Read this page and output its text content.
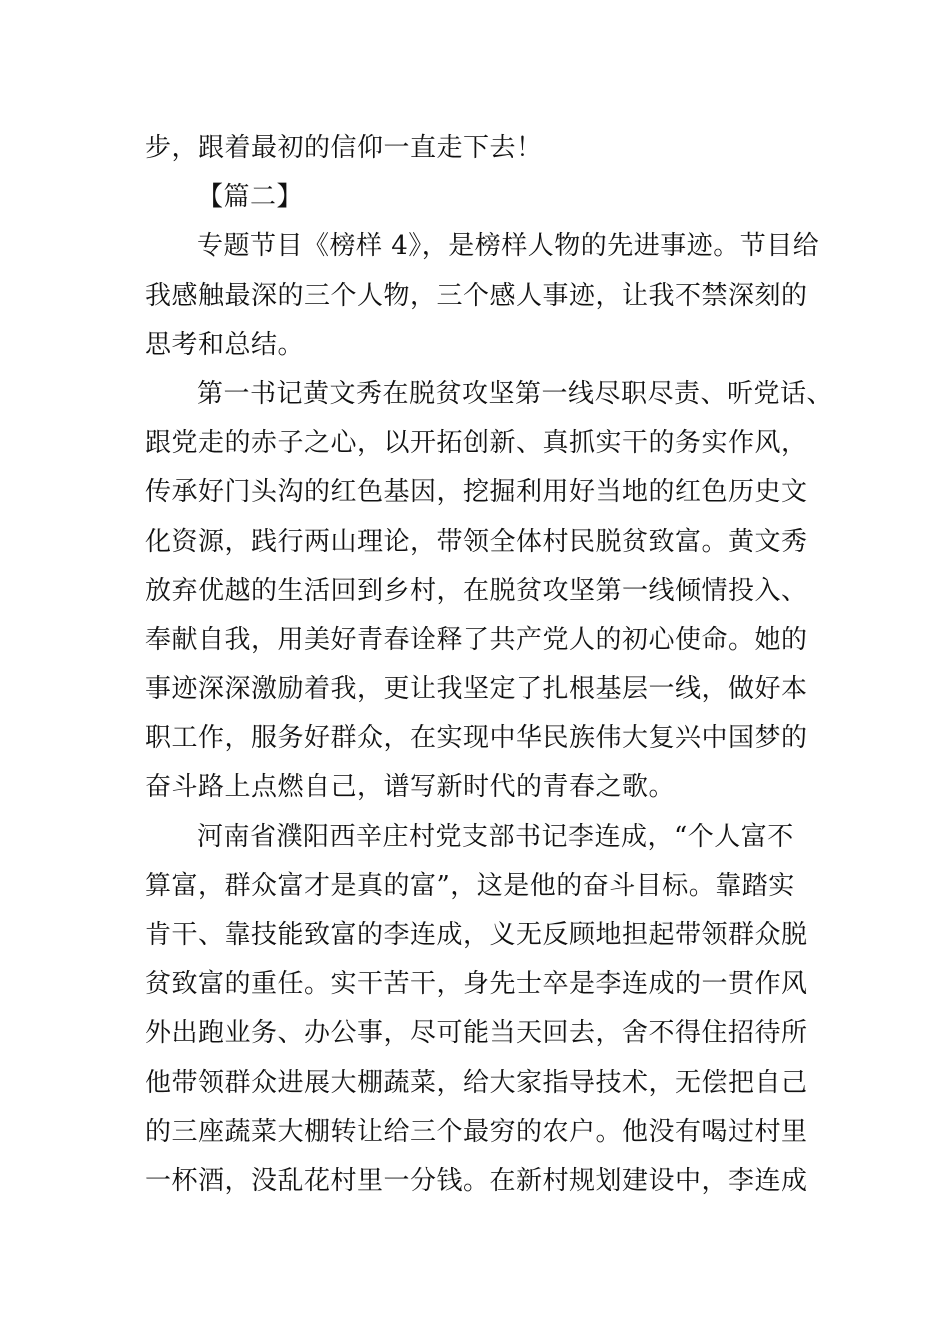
步，跟着最初的信仰一直走下去！
【篇二】
专题节目《榜样 4》，是榜样人物的先进事迹。节目给
我感触最深的三个人物，三个感人事迹，让我不禁深刻的
思考和总结。
第一书记黄文秀在脱贫攻坚第一线尽职尽责、听党话、
跟党走的赤子之心，以开拓创新、真抓实干的务实作风，
传承好门头沟的红色基因，挖掘利用好当地的红色历史文
化资源，践行两山理论，带领全体村民脱贫致富。黄文秀
放弃优越的生活回到乡村，在脱贫攻坚第一线倾情投入、
奉献自我，用美好青春诠释了共产党人的初心使命。她的
事迹深深激励着我，更让我坚定了扎根基层一线，做好本
职工作，服务好群众，在实现中华民族伟大复兴中国梦的
奋斗路上点燃自己，谱写新时代的青春之歌。
河南省濮阳西辛庄村党支部书记李连成，“个人富不
算富，群众富才是真的富”，这是他的奋斗目标。靠踏实
肯干、靠技能致富的李连成，义无反顾地担起带领群众脱
贫致富的重任。实干苦干，身先士卒是李连成的一贯作风
外出跑业务、办公事，尽可能当天回去，舍不得住招待所
他带领群众进展大棚蔬菜，给大家指导技术，无偿把自己
的三座蔬菜大棚转让给三个最穷的农户。他没有喝过村里
一杯酒，没乱花村里一分钱。在新村规划建设中，李连成
